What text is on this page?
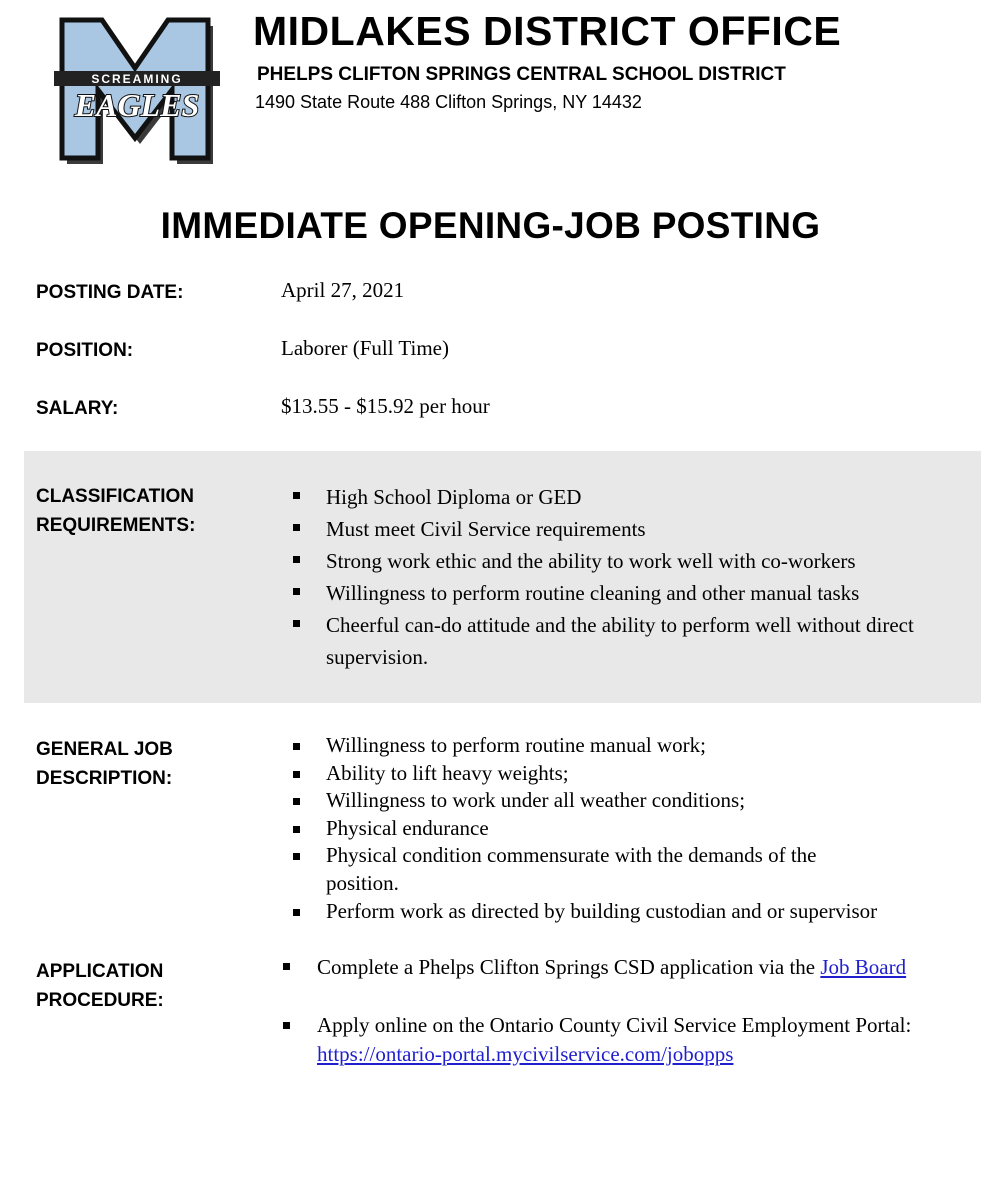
SCREAMING
EAGLES
MIDLAKES DISTRICT OFFICE
PHELPS CLIFTON SPRINGS CENTRAL SCHOOL DISTRICT
1490 State Route 488 Clifton Springs, NY 14432
IMMEDIATE OPENING-JOB POSTING
POSTING DATE:	April 27, 2021
POSITION:	Laborer (Full Time)
SALARY:	$13.55 - $15.92 per hour
CLASSIFICATION
REQUIREMENTS:
High School Diploma or GED
Must meet Civil Service requirements
Strong work ethic and the ability to work well with co-workers
Willingness to perform routine cleaning and other manual tasks
Cheerful can-do attitude and the ability to perform well without direct supervision.
GENERAL JOB
DESCRIPTION:
Willingness to perform routine manual work;
Ability to lift heavy weights;
Willingness to work under all weather conditions;
Physical endurance
Physical condition commensurate with the demands of the position.
Perform work as directed by building custodian and or supervisor
APPLICATION
PROCEDURE:
Complete a Phelps Clifton Springs CSD application via the Job Board
Apply online on the Ontario County Civil Service Employment Portal:https://ontario-portal.mycivilservice.com/jobopps
